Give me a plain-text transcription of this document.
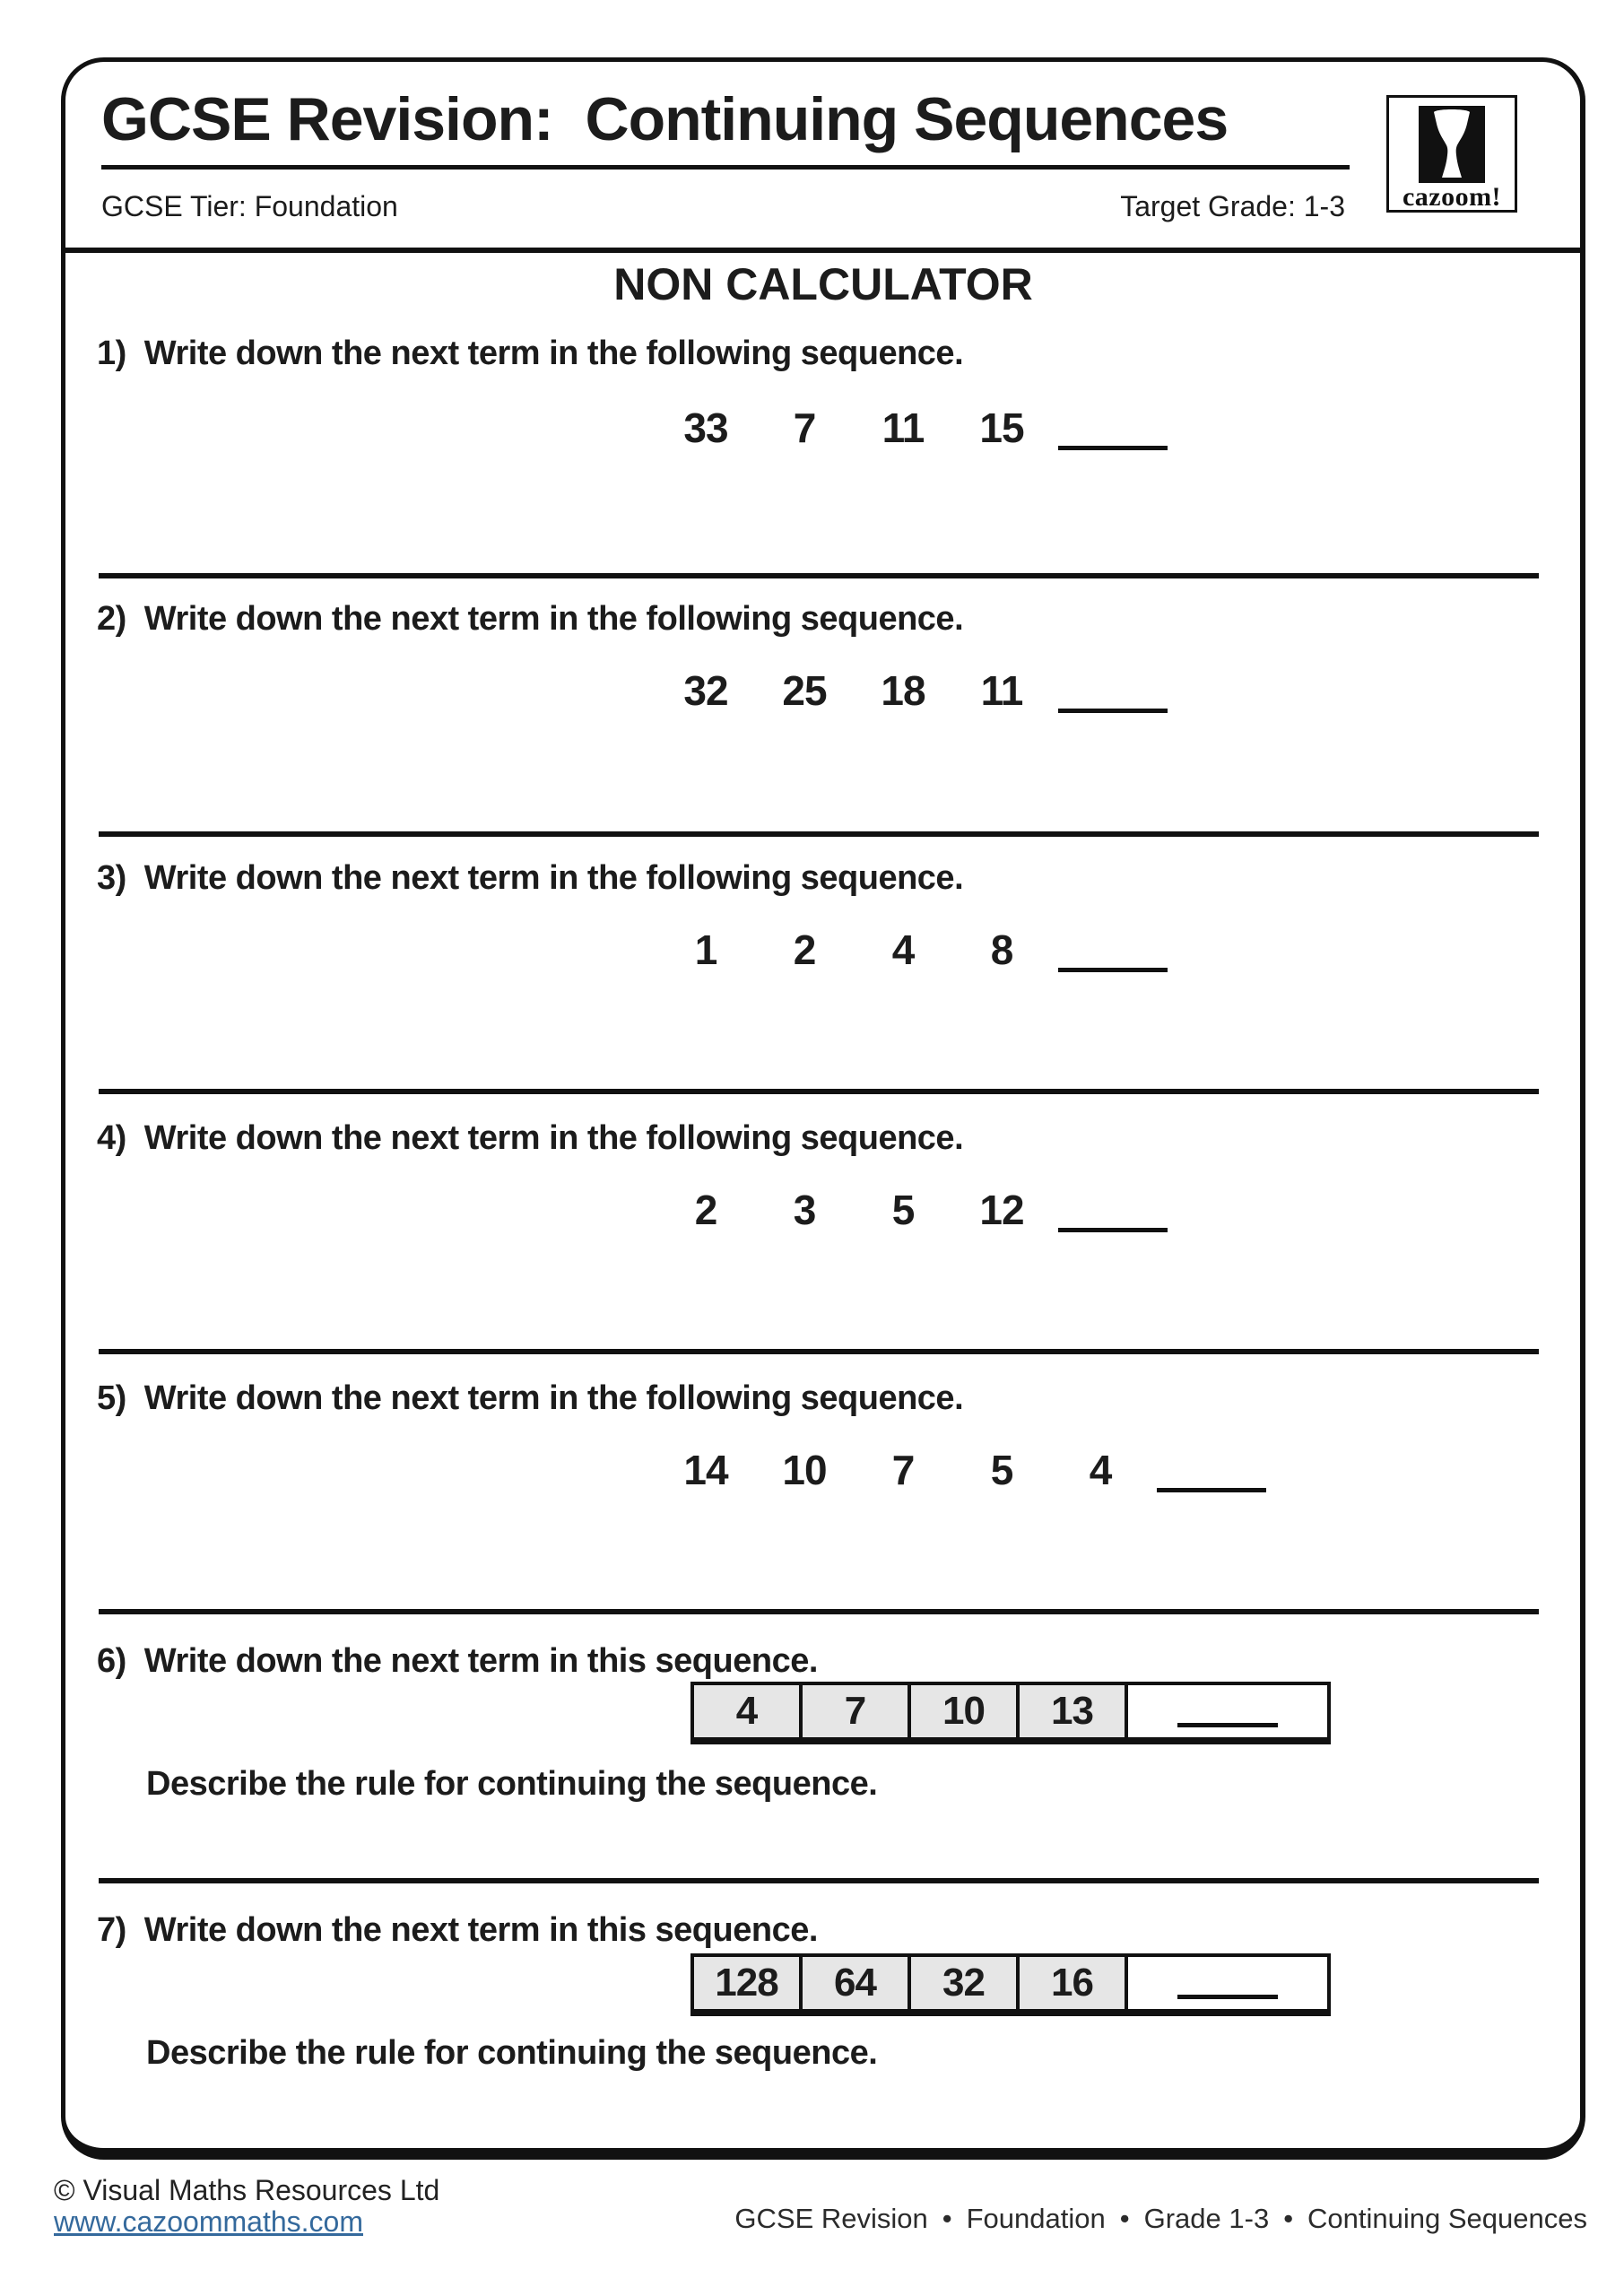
GCSE Revision:  Continuing Sequences
GCSE Tier: Foundation	Target Grade: 1-3	cazoom!
NON CALCULATOR
1) Write down the next term in the following sequence.
33	7	11	15
2) Write down the next term in the following sequence.
32	25	18	11
3) Write down the next term in the following sequence.
1	2	4	8
4) Write down the next term in the following sequence.
2	3	5	12
5) Write down the next term in the following sequence.
14	10	7	5	4
6) Write down the next term in this sequence.
4	7	10	13
Describe the rule for continuing the sequence.
7) Write down the next term in this sequence.
128	64	32	16
Describe the rule for continuing the sequence.
© Visual Maths Resources Ltd
www.cazoommaths.com	GCSE Revision • Foundation • Grade 1-3 • Continuing Sequences
